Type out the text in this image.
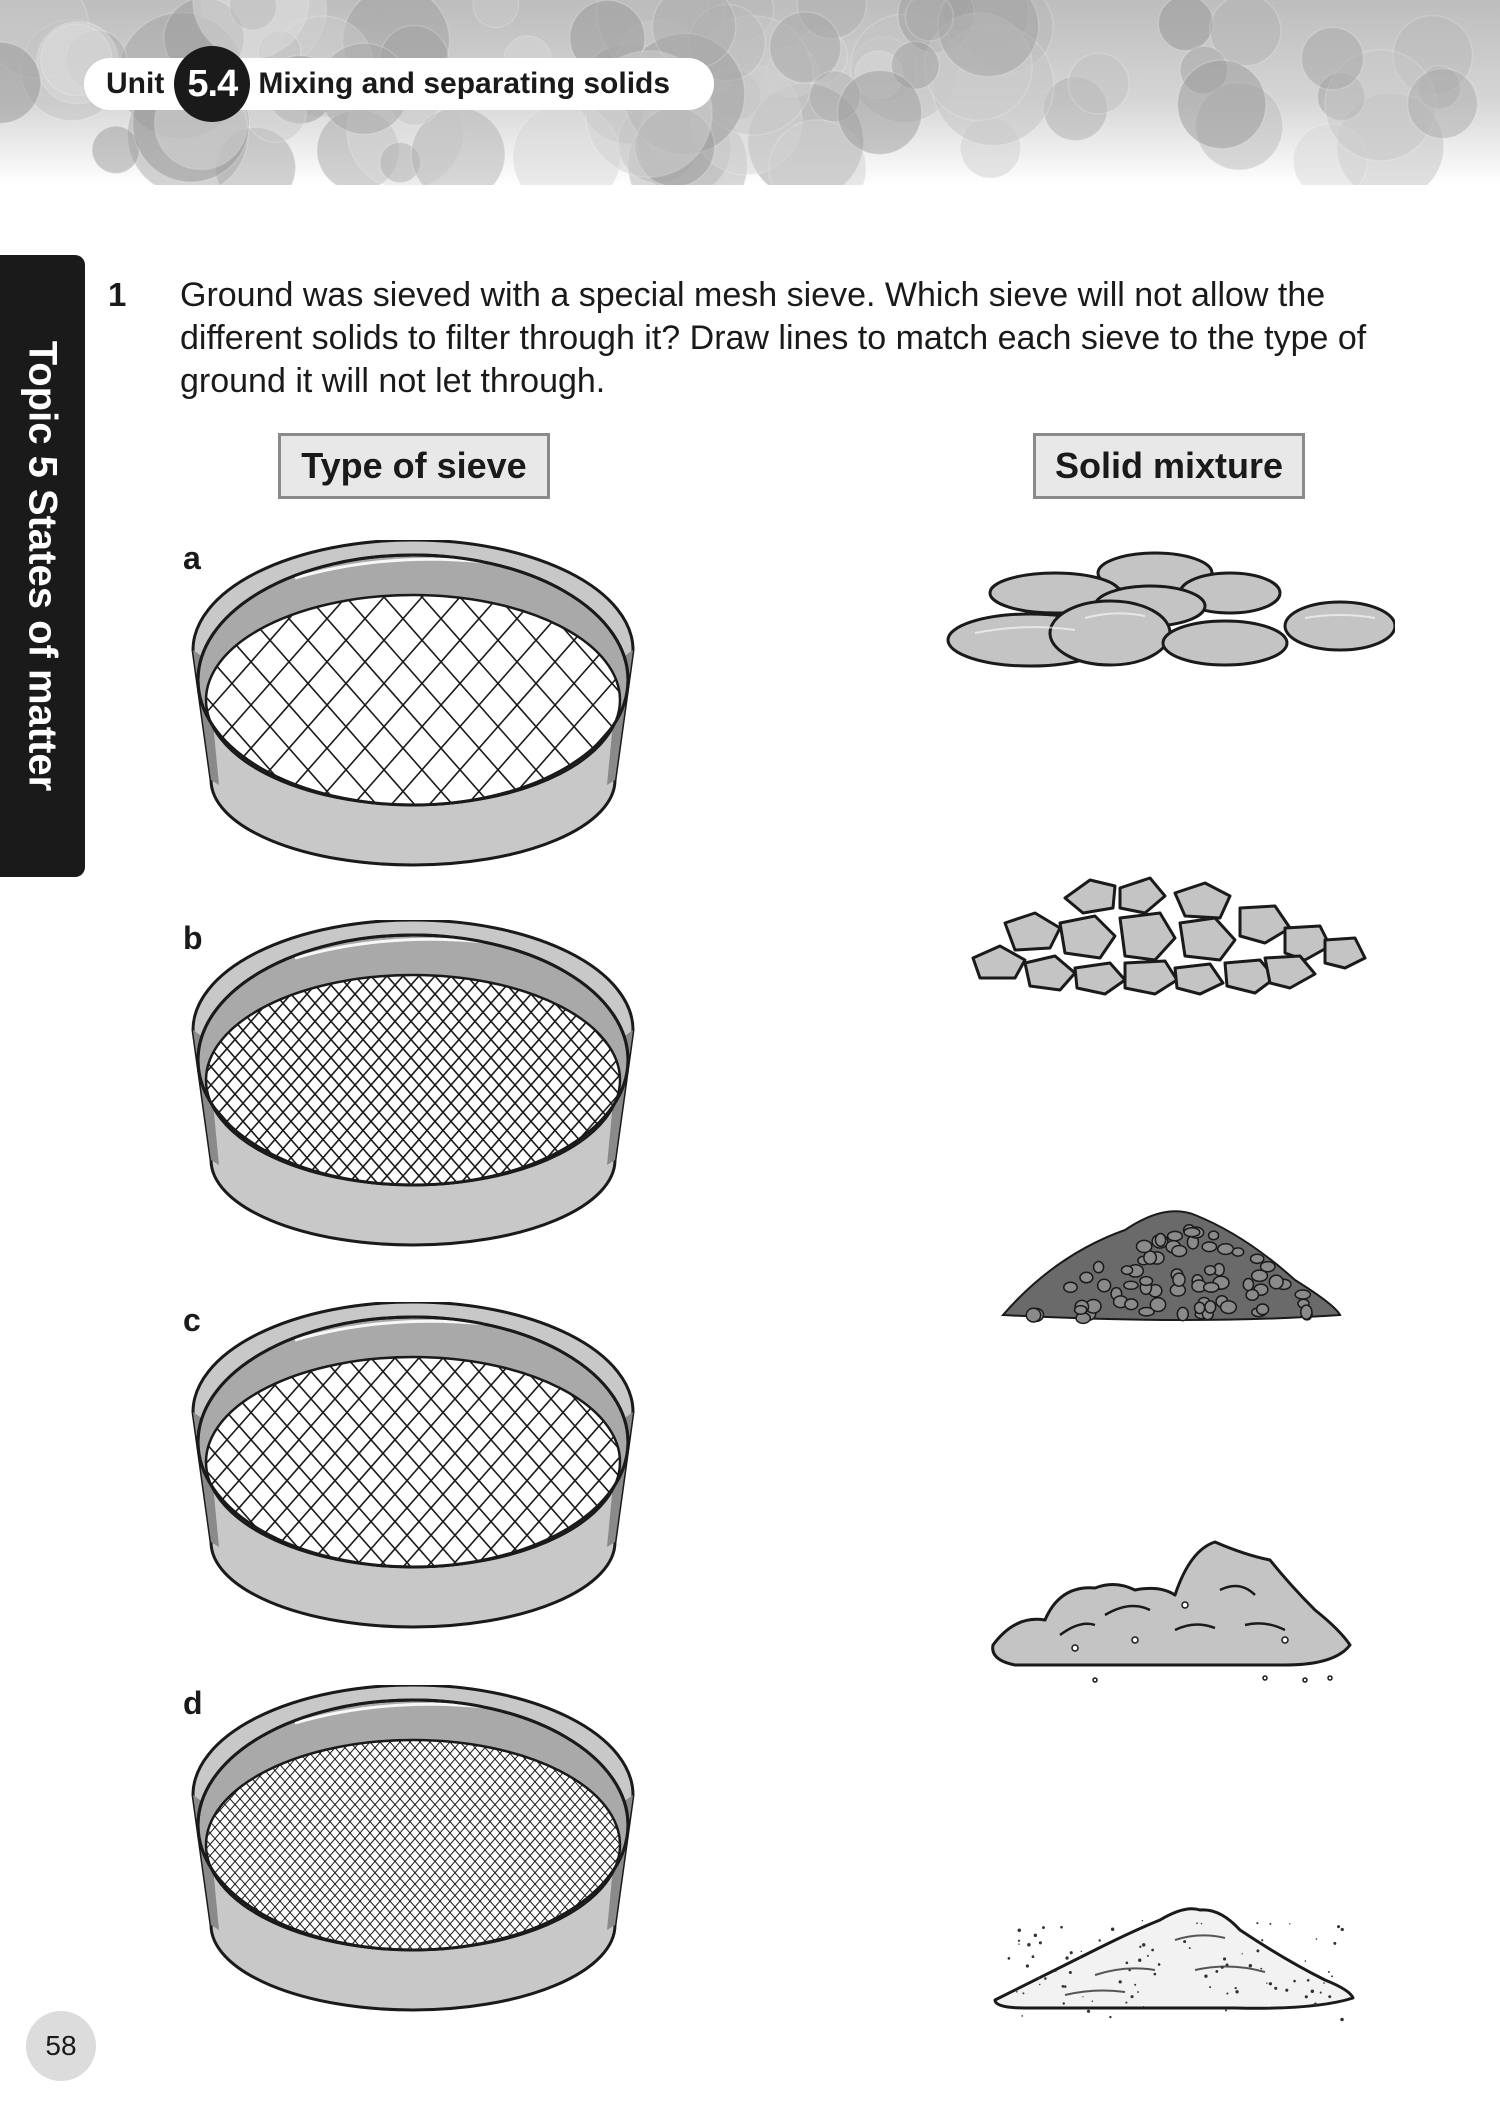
Unit 5.4 Mixing and separating solids
Topic 5 States of matter
1 Ground was sieved with a special mesh sieve. Which sieve will not allow the different solids to filter through it? Draw lines to match each sieve to the type of ground it will not let through.
Type of sieve	Solid mixture
a
b
c
d
58
